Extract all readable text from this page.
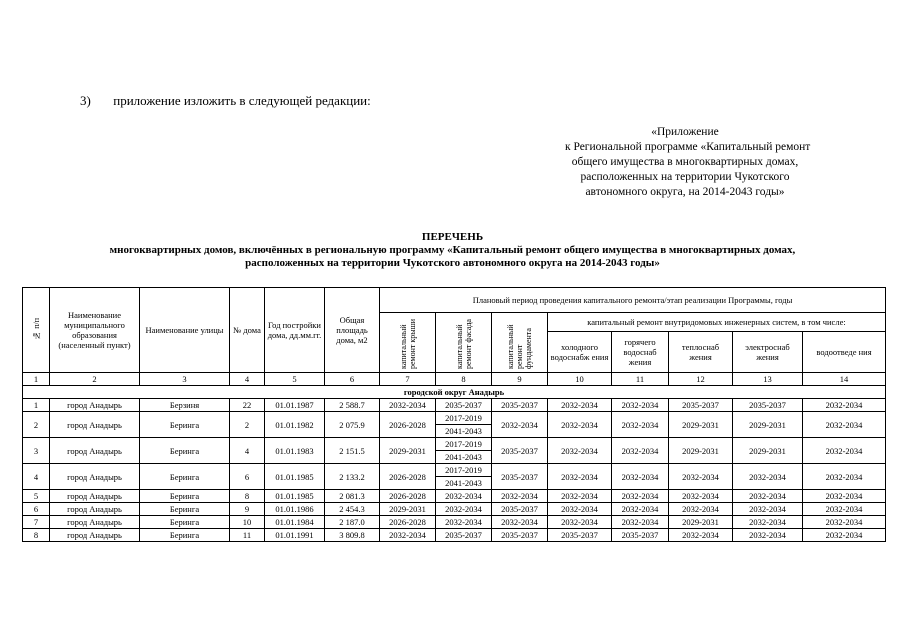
3) приложение изложить в следующей редакции:
«Приложение
к Региональной программе «Капитальный ремонт
общего имущества в многоквартирных домах,
расположенных на территории Чукотского
автономного округа, на 2014-2043 годы»
ПЕРЕЧЕНЬ
многоквартирных домов, включённых в региональную программу «Капитальный ремонт общего имущества в многоквартирных домах,
расположенных на территории Чукотского автономного округа на 2014-2043 годы»
№ п/п	Наименование муниципального образования (населенный пункт)	Наименование улицы	№ дома	Год постройки дома, дд.мм.гг.	Общая площадь дома, м2	Плановый период проведения капитального ремонта/этап реализации Программы, годы							
						капитальный ремонт крыши	капитальный ремонт фасада	капитальный ремонт фундамента	капитальный ремонт внутридомовых инженерных систем, в том числе:				
									холодного водоснабж ения	горячего водоснаб жения	теплоснаб жения	электроснаб жения	водоотведе ния
1	2	3	4	5	6	7	8	9	10	11	12	13	14
городской округ Анадырь													
1	город Анадырь	Берзиня	22	01.01.1987	2 588.7	2032-2034	2035-2037	2035-2037	2032-2034	2032-2034	2035-2037	2035-2037	2032-2034
2	город Анадырь	Беринга	2	01.01.1982	2 075.9	2026-2028	2017-2019	2032-2034	2032-2034	2032-2034	2029-2031	2029-2031	2032-2034
							2041-2043						
3	город Анадырь	Беринга	4	01.01.1983	2 151.5	2029-2031	2017-2019	2035-2037	2032-2034	2032-2034	2029-2031	2029-2031	2032-2034
							2041-2043						
4	город Анадырь	Беринга	6	01.01.1985	2 133.2	2026-2028	2017-2019	2035-2037	2032-2034	2032-2034	2032-2034	2032-2034	2032-2034
							2041-2043						
5	город Анадырь	Беринга	8	01.01.1985	2 081.3	2026-2028	2032-2034	2032-2034	2032-2034	2032-2034	2032-2034	2032-2034	2032-2034
6	город Анадырь	Беринга	9	01.01.1986	2 454.3	2029-2031	2032-2034	2035-2037	2032-2034	2032-2034	2032-2034	2032-2034	2032-2034
7	город Анадырь	Беринга	10	01.01.1984	2 187.0	2026-2028	2032-2034	2032-2034	2032-2034	2032-2034	2029-2031	2032-2034	2032-2034
8	город Анадырь	Беринга	11	01.01.1991	3 809.8	2032-2034	2035-2037	2035-2037	2035-2037	2035-2037	2032-2034	2032-2034	2032-2034
